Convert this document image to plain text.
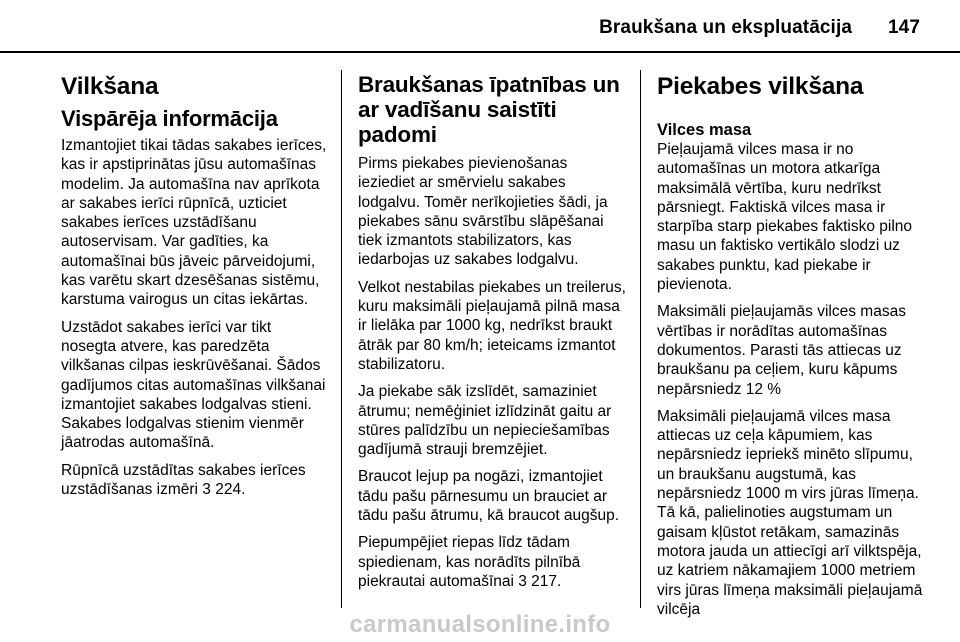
Braukšana un ekspluatācija 147
Vilkšana
Vispārēja informācija

Izmantojiet tikai tādas sakabes ierīces, kas ir apstiprinātas jūsu automašīnas modelim. Ja automašīna nav aprīkota ar sakabes ierīci rūpnīcā, uzticiet sakabes ierīces uzstādīšanu autoservisam. Var gadīties, ka automašīnai būs jāveic pārveidojumi, kas varētu skart dzesēšanas sistēmu, karstuma vairogus un citas iekārtas.

Uzstādot sakabes ierīci var tikt nosegta atvere, kas paredzēta vilkšanas cilpas ieskrūvēšanai. Šādos gadījumos citas automašīnas vilkšanai izmantojiet sakabes lodgalvas stieni. Sakabes lodgalvas stienim vienmēr jāatrodas automašīnā.

Rūpnīcā uzstādītas sakabes ierīces uzstādīšanas izmēri 3 224.

Braukšanas īpatnības un ar vadīšanu saistīti padomi

Pirms piekabes pievienošanas ieziediet ar smērvielu sakabes lodgalvu. Tomēr nerīkojieties šādi, ja piekabes sānu svārstību slāpēšanai tiek izmantots stabilizators, kas iedarbojas uz sakabes lodgalvu.

Velkot nestabilas piekabes un treilerus, kuru maksimāli pieļaujamā pilnā masa ir lielāka par 1000 kg, nedrīkst braukt ātrāk par 80 km/h; ieteicams izmantot stabilizatoru.

Ja piekabe sāk izslīdēt, samaziniet ātrumu; nemēģiniet izlīdzināt gaitu ar stūres palīdzību un nepieciešamības gadījumā strauji bremzējiet.

Braucot lejup pa nogāzi, izmantojiet tādu pašu pārnesumu un brauciet ar tādu pašu ātrumu, kā braucot augšup.

Piepumpējiet riepas līdz tādam spiedienam, kas norādīts pilnībā piekrautai automašīnai 3 217.

Piekabes vilkšana
Vilces masa

Pieļaujamā vilces masa ir no automašīnas un motora atkarīga maksimālā vērtība, kuru nedrīkst pārsniegt. Faktiskā vilces masa ir starpība starp piekabes faktisko pilno masu un faktisko vertikālo slodzi uz sakabes punktu, kad piekabe ir pievienota.

Maksimāli pieļaujamās vilces masas vērtības ir norādītas automašīnas dokumentos. Parasti tās attiecas uz braukšanu pa ceļiem, kuru kāpums nepārsniedz 12 %

Maksimāli pieļaujamā vilces masa attiecas uz ceļa kāpumiem, kas nepārsniedz iepriekš minēto slīpumu, un braukšanu augstumā, kas nepārsniedz 1000 m virs jūras līmeņa. Tā kā, palielinoties augstumam un gaisam kļūstot retākam, samazinās motora jauda un attiecīgi arī vilktspēja, uz katriem nākamajiem 1000 metriem virs jūras līmeņa maksimāli pieļaujamā vilcēja

carmanualsonline.info
